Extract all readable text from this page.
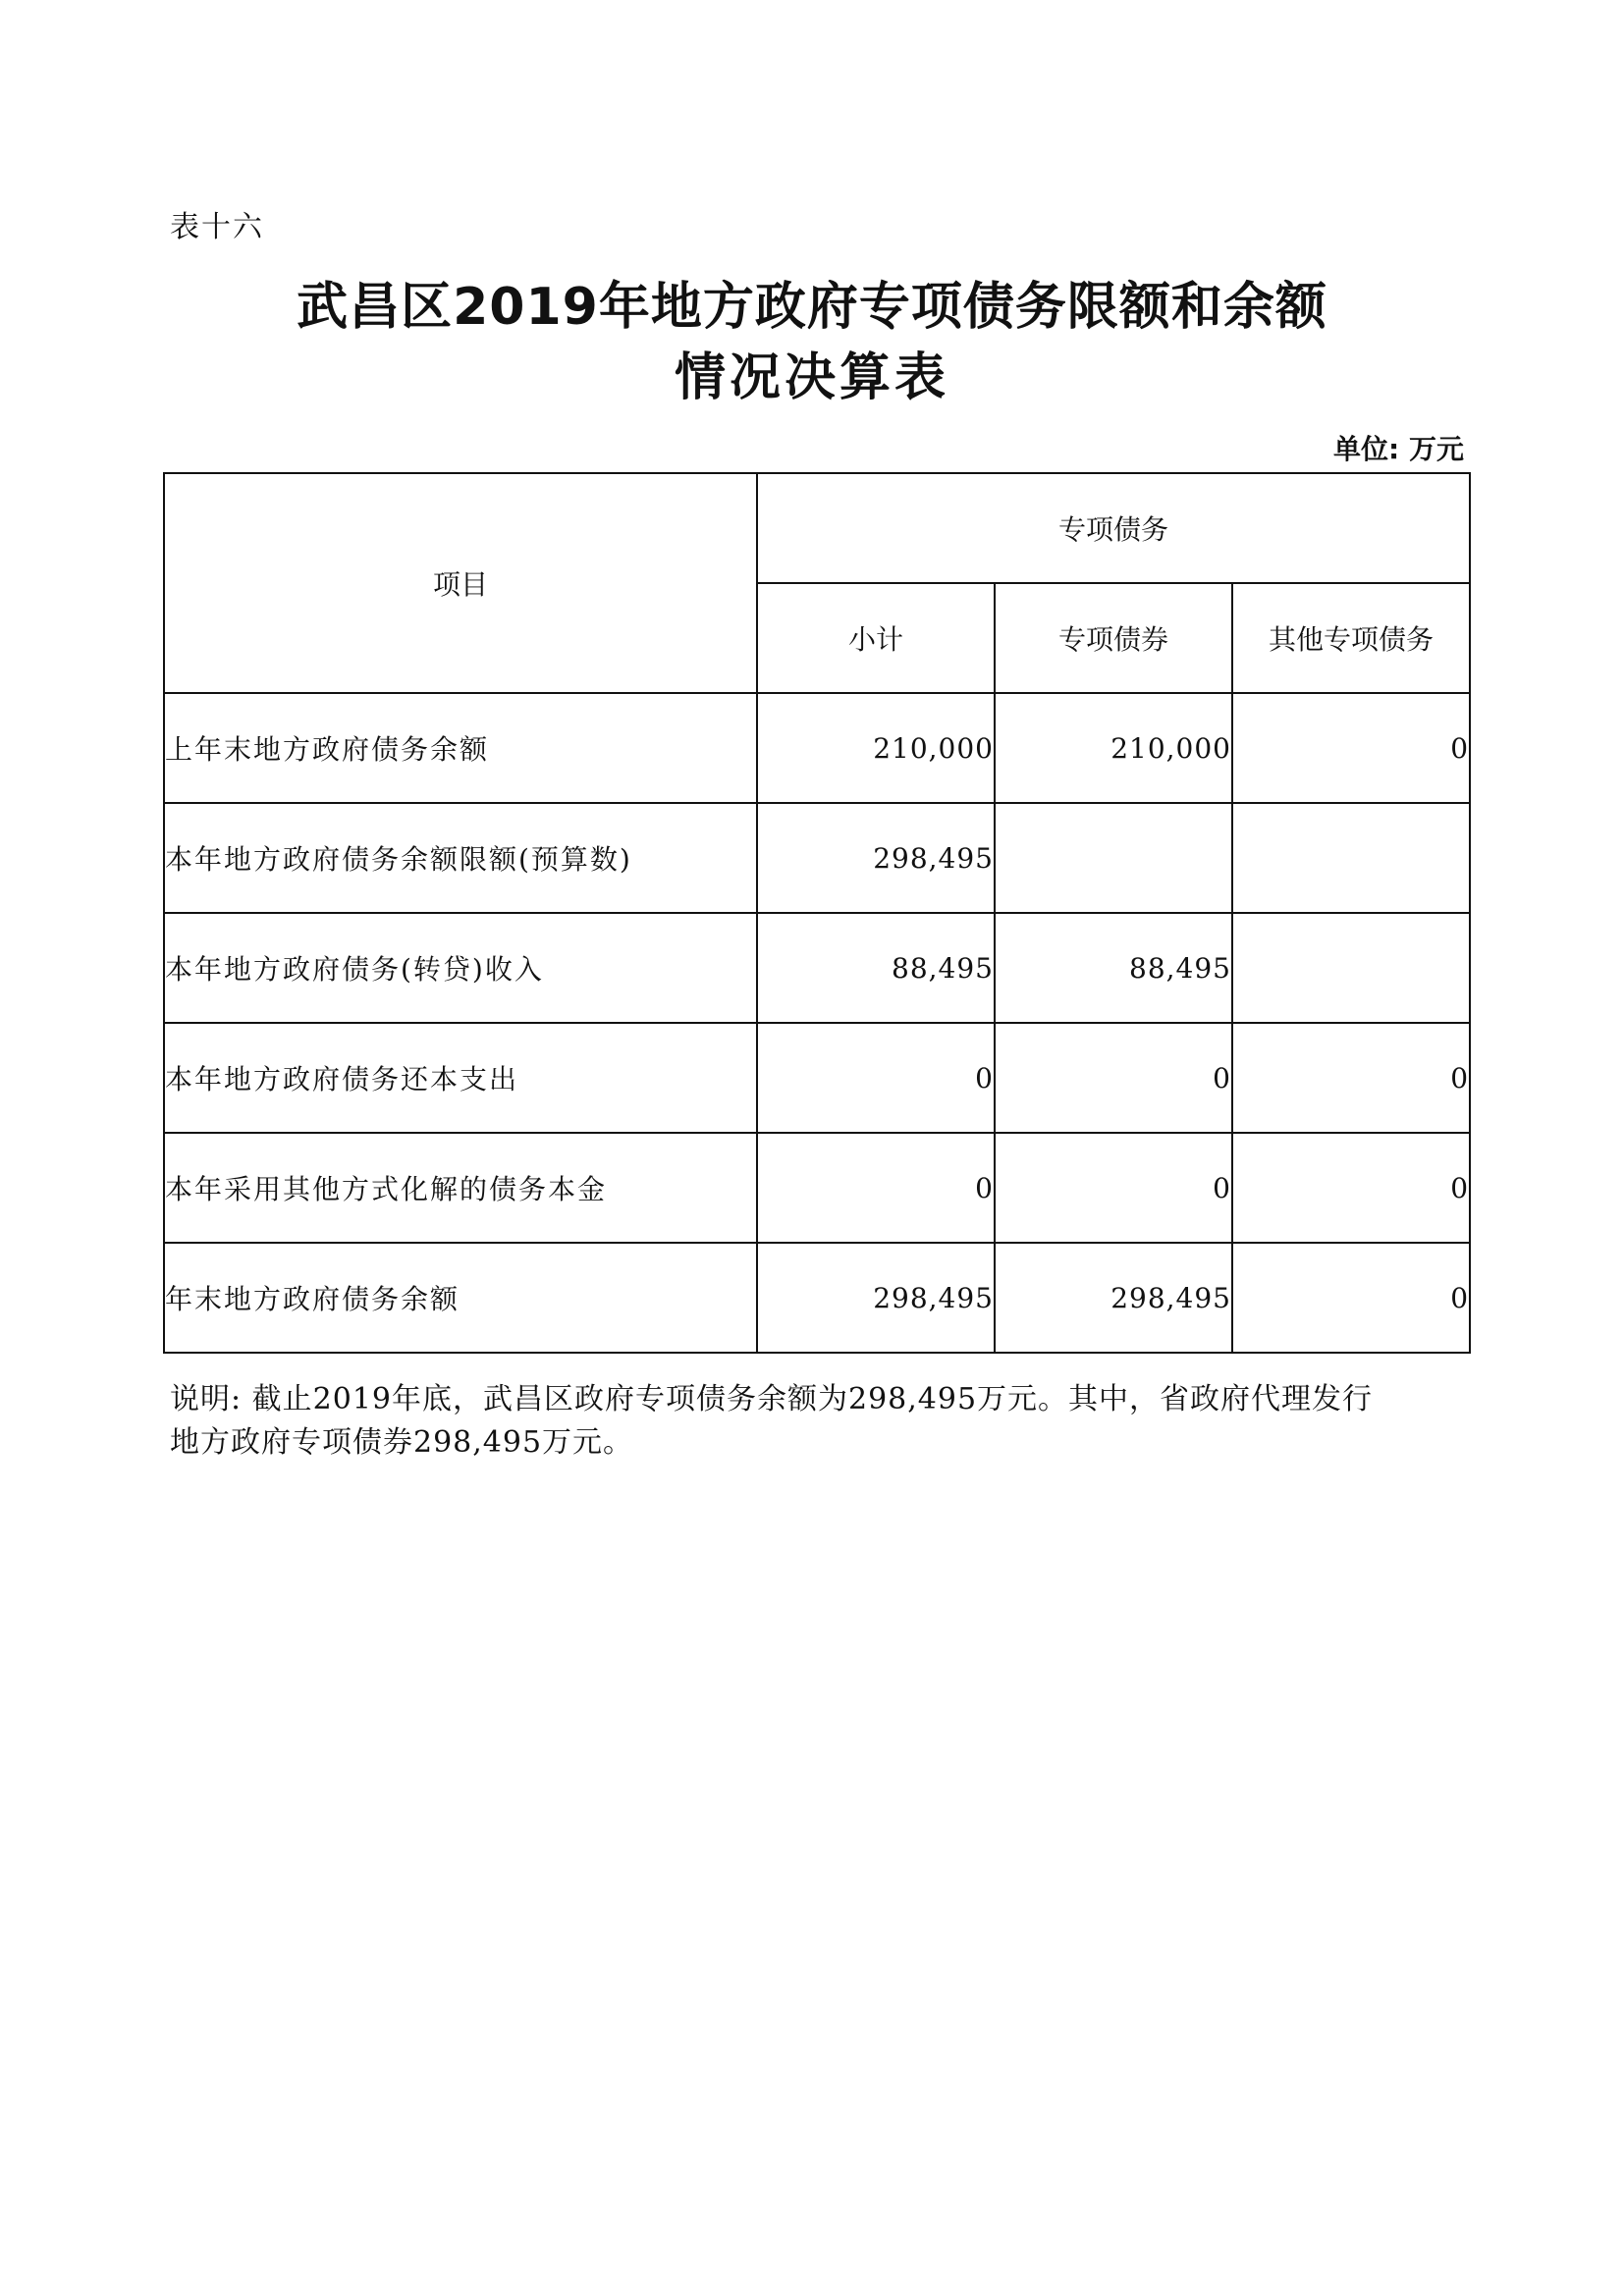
表十六
武昌区2019年地方政府专项债务限额和余额
情况决算表
单位: 万元
项目	专项债务		
	小计	专项债券	其他专项债务
上年末地方政府债务余额	210,000	210,000	0
本年地方政府债务余额限额(预算数)	298,495		
本年地方政府债务(转贷)收入	88,495	88,495	
本年地方政府债务还本支出	0	0	0
本年采用其他方式化解的债务本金	0	0	0
年末地方政府债务余额	298,495	298,495	0
说明: 截止2019年底，武昌区政府专项债务余额为298,495万元。其中，省政府代理发行
地方政府专项债券298,495万元。
